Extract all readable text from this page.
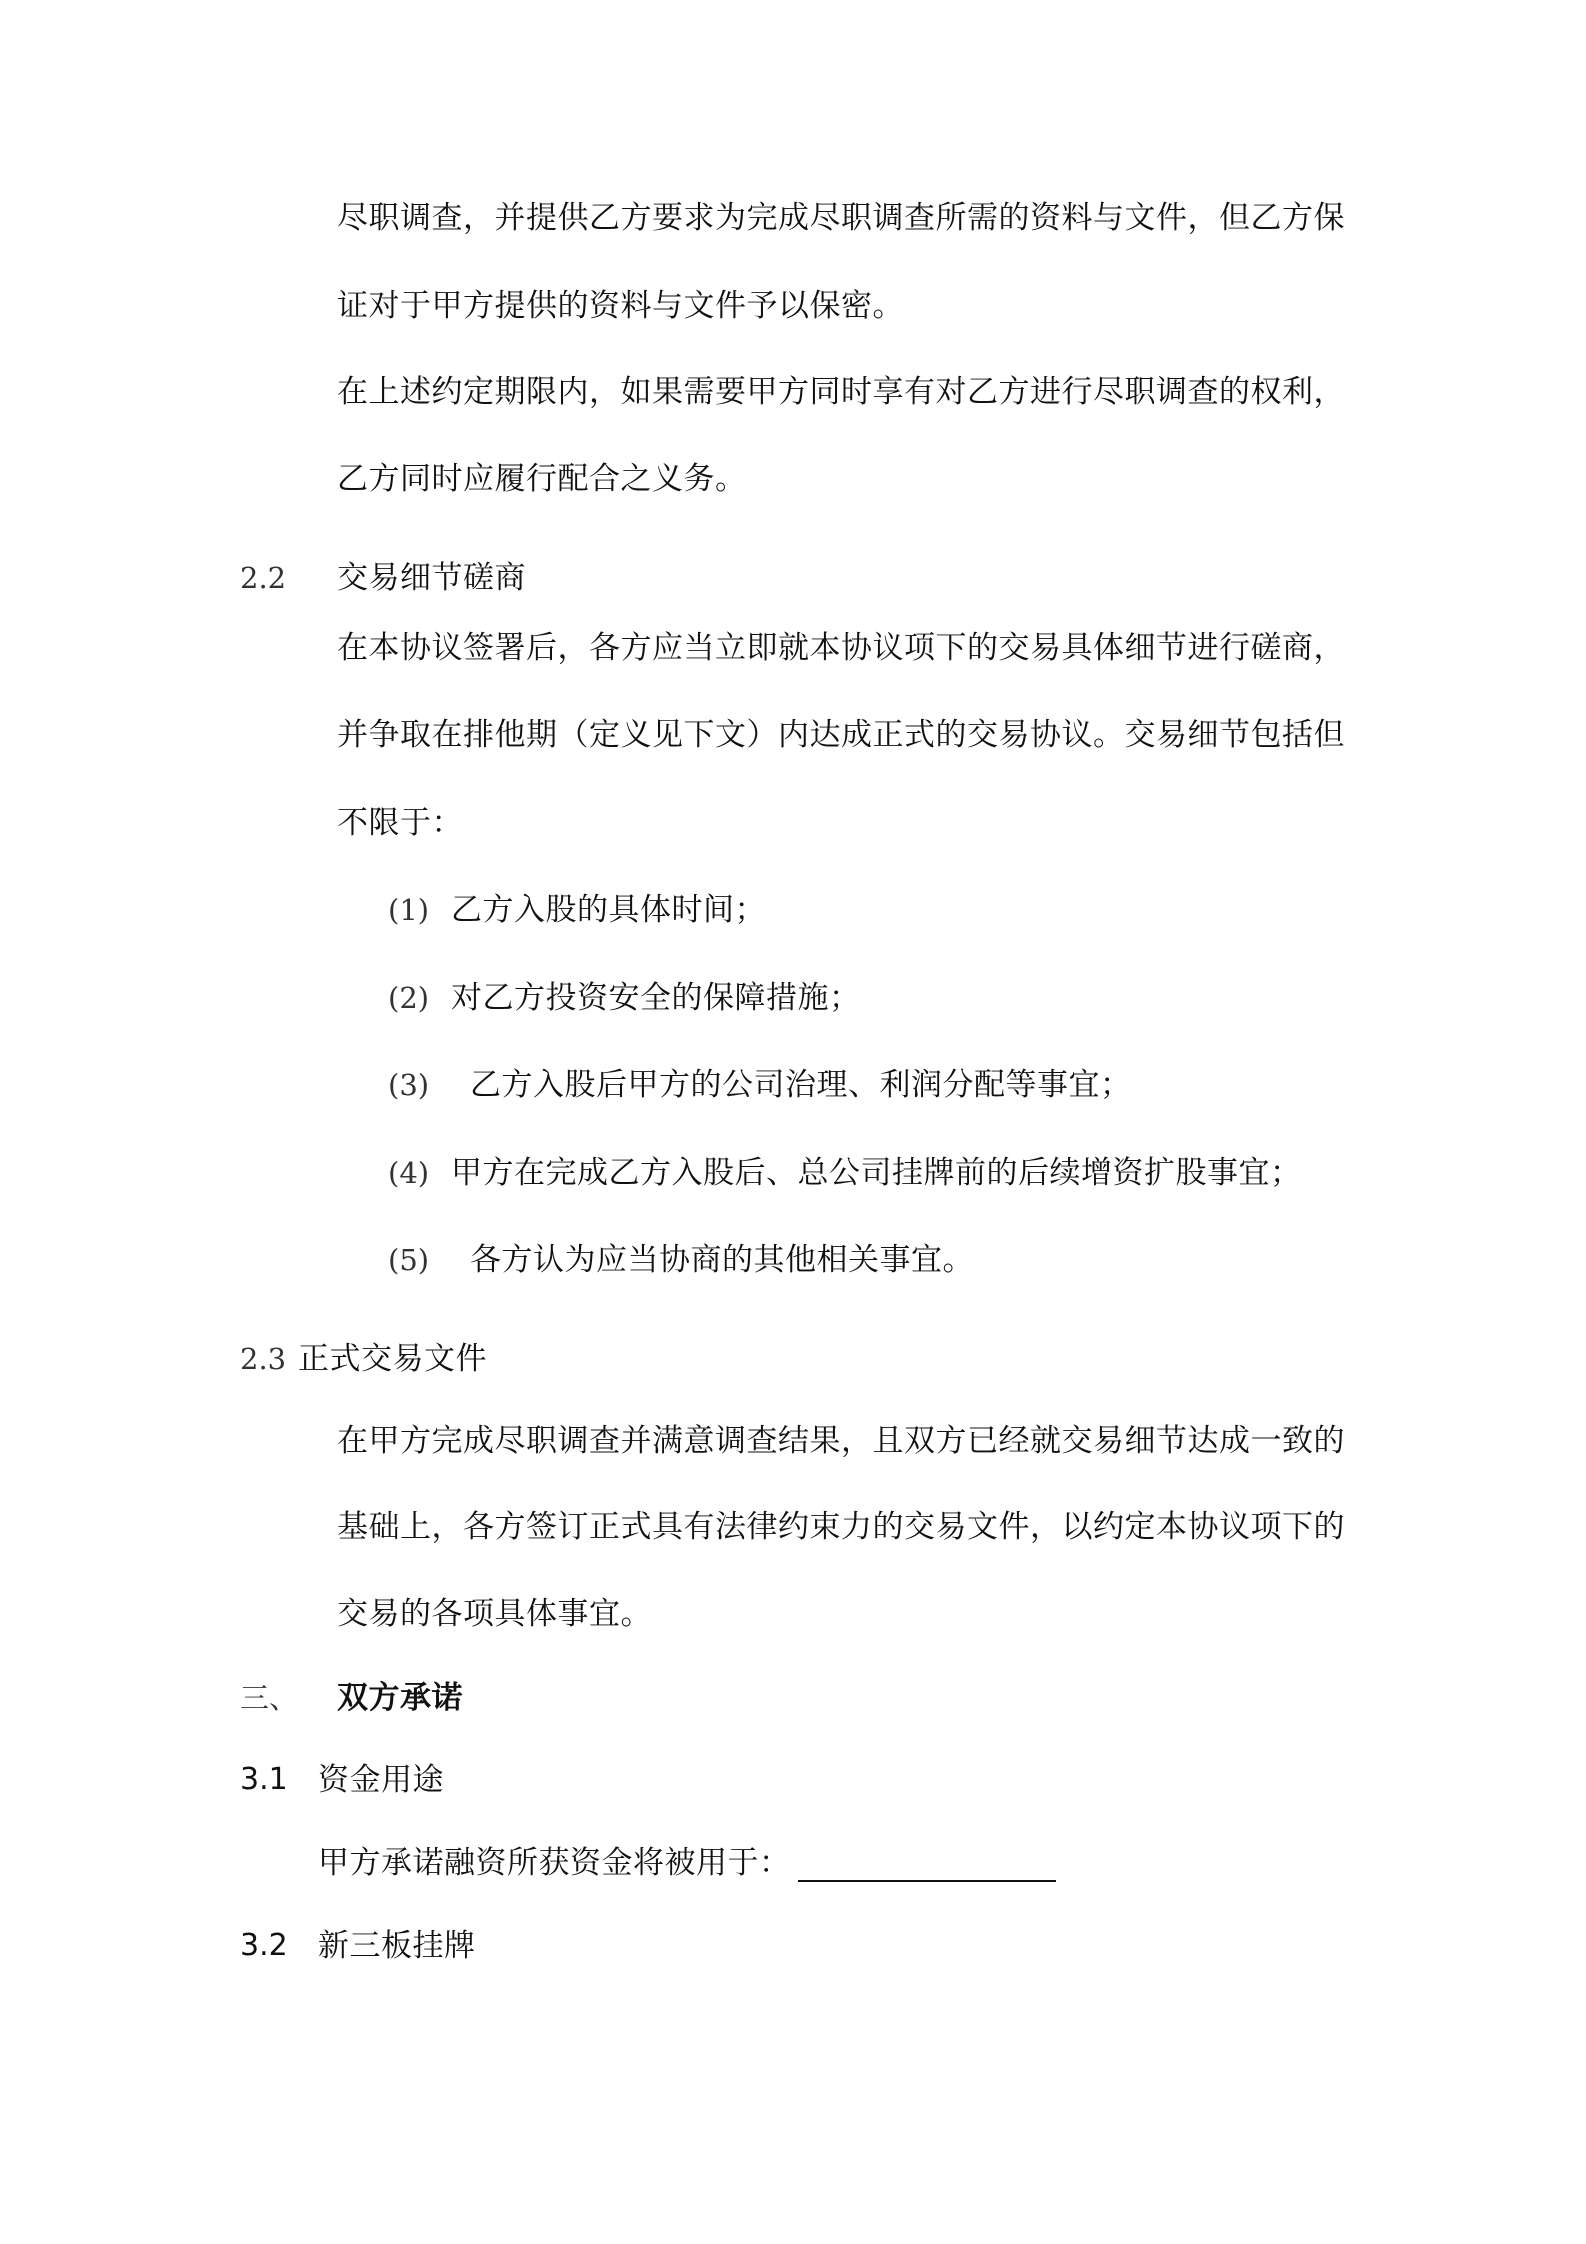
尽职调查，并提供乙方要求为完成尽职调查所需的资料与文件，但乙方保
证对于甲方提供的资料与文件予以保密。
在上述约定期限内，如果需要甲方同时享有对乙方进行尽职调查的权利，
乙方同时应履行配合之义务。
2.2 交易细节磋商
在本协议签署后，各方应当立即就本协议项下的交易具体细节进行磋商，
并争取在排他期（定义见下文）内达成正式的交易协议。交易细节包括但
不限于：
(1) 乙方入股的具体时间；
(2) 对乙方投资安全的保障措施；
(3) 乙方入股后甲方的公司治理、利润分配等事宜；
(4) 甲方在完成乙方入股后、总公司挂牌前的后续增资扩股事宜；
(5) 各方认为应当协商的其他相关事宜。
2.3 正式交易文件
在甲方完成尽职调查并满意调查结果，且双方已经就交易细节达成一致的
基础上，各方签订正式具有法律约束力的交易文件，以约定本协议项下的
交易的各项具体事宜。
三、 双方承诺
3.1 资金用途
甲方承诺融资所获资金将被用于：
3.2 新三板挂牌
